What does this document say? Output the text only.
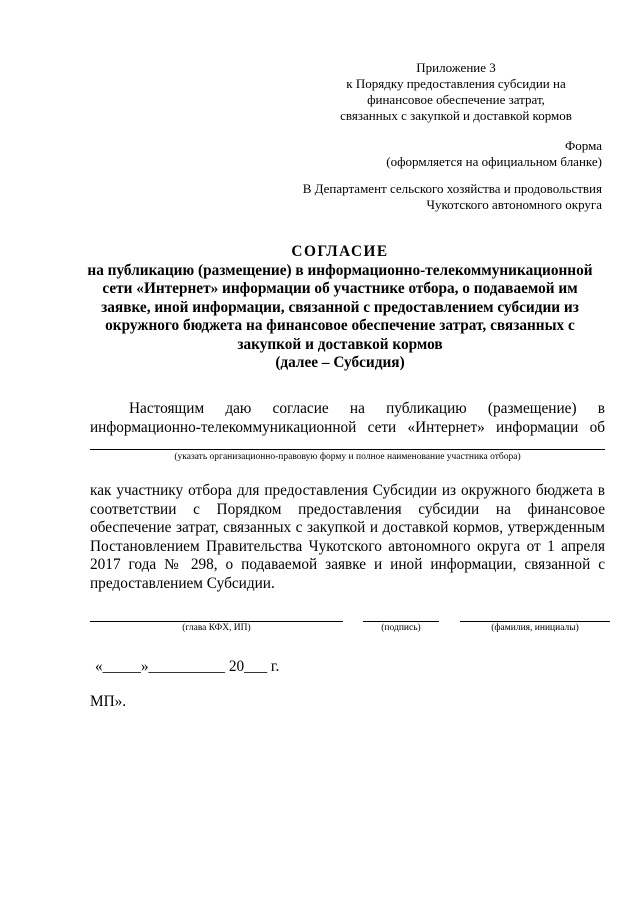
Приложение 3
к Порядку предоставления субсидии на
финансовое обеспечение затрат,
связанных с закупкой и доставкой кормов
Форма
(оформляется на официальном бланке)
В Департамент сельского хозяйства и продовольствия
Чукотского автономного округа
СОГЛАСИЕ
на публикацию (размещение) в информационно-телекоммуникационной
сети «Интернет» информации об участнике отбора, о подаваемой им
заявке, иной информации, связанной с предоставлением субсидии из
окружного бюджета на финансовое обеспечение затрат, связанных с
закупкой и доставкой кормов
(далее – Субсидия)
Настоящим даю согласие на публикацию (размещение) в
информационно-телекоммуникационной сети «Интернет» информации об
(указать организационно-правовую форму и полное наименование участника отбора)
как участнику отбора для предоставления Субсидии из окружного бюджета в соответствии с Порядком предоставления субсидии на финансовое обеспечение затрат, связанных с закупкой и доставкой кормов, утвержденным Постановлением Правительства Чукотского автономного округа от 1 апреля 2017 года № 298, о подаваемой заявке и иной информации, связанной с предоставлением Субсидии.
(глава КФХ, ИП)	(подпись)	(фамилия, инициалы)
«_____»__________ 20___ г.
МП».
